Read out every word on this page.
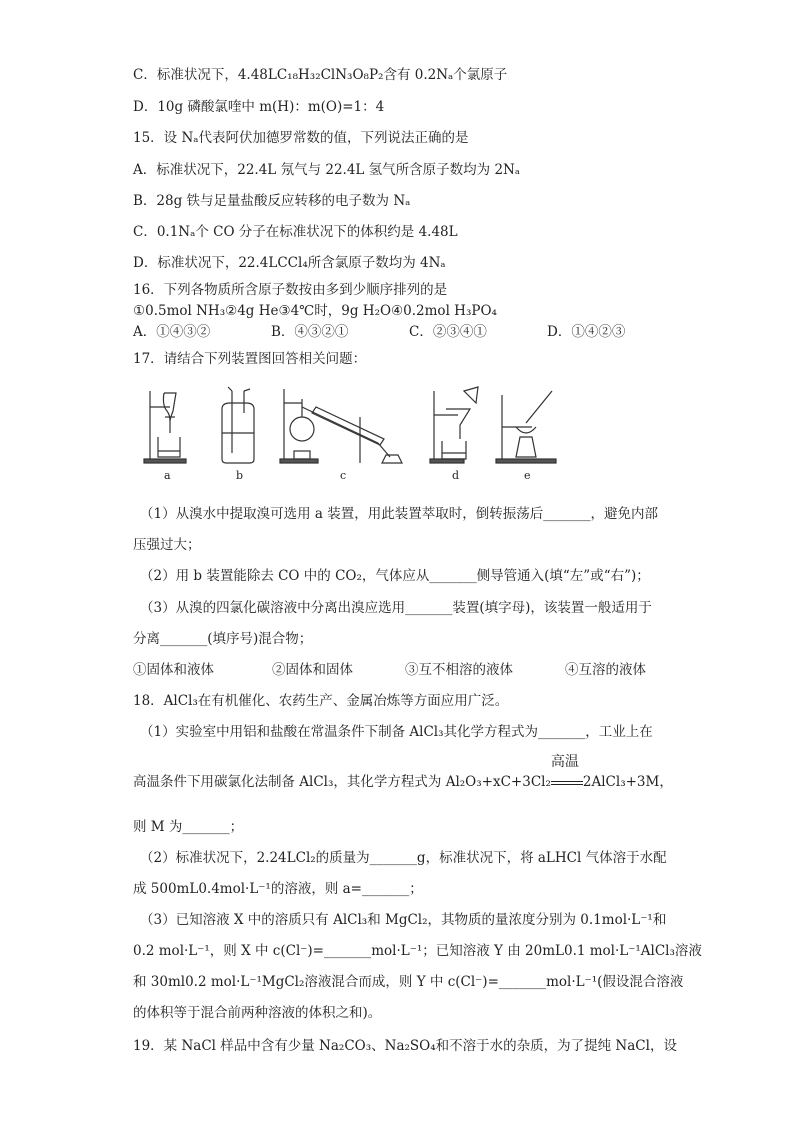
C．标准状况下，4.48LC₁₈H₃₂ClN₃O₈P₂含有 0.2Nₐ个氯原子
D．10g 磷酸氯喹中 m(H)：m(O)=1：4
15．设 Nₐ代表阿伏加德罗常数的值，下列说法正确的是
A．标准状况下，22.4L 氖气与 22.4L 氢气所含原子数均为 2Nₐ
B．28g 铁与足量盐酸反应转移的电子数为 Nₐ
C．0.1Nₐ个 CO 分子在标准状况下的体积约是 4.48L
D．标准状况下，22.4LCCl₄所含氯原子数均为 4Nₐ
16．下列各物质所含原子数按由多到少顺序排列的是
①0.5mol NH₃②4g He③4℃时，9g H₂O④0.2mol H₃PO₄
A．①④③②	B．④③②①	C．②③④①	D．①④②③
17．请结合下列装置图回答相关问题：
a	b	c	d	e
（1）从溴水中提取溴可选用 a 装置，用此装置萃取时，倒转振荡后_______，避免内部
压强过大；
（2）用 b 装置能除去 CO 中的 CO₂，气体应从_______侧导管通入(填“左”或“右”)；
（3）从溴的四氯化碳溶液中分离出溴应选用_______装置(填字母)，该装置一般适用于
分离_______(填序号)混合物；
①固体和液体	②固体和固体	③互不相溶的液体	④互溶的液体
18．AlCl₃在有机催化、农药生产、金属冶炼等方面应用广泛。
（1）实验室中用铝和盐酸在常温条件下制备 AlCl₃其化学方程式为_______，工业上在
高温条件下用碳氯化法制备 AlCl₃，其化学方程式为 Al₂O₃+xC+3Cl₂
高温
2AlCl₃+3M，
则 M 为_______；
（2）标准状况下，2.24LCl₂的质量为_______g，标准状况下，将 aLHCl 气体溶于水配
成 500mL0.4mol·L⁻¹的溶液，则 a=_______；
（3）已知溶液 X 中的溶质只有 AlCl₃和 MgCl₂，其物质的量浓度分别为 0.1mol·L⁻¹和
0.2 mol·L⁻¹，则 X 中 c(Cl⁻)=_______mol·L⁻¹；已知溶液 Y 由 20mL0.1 mol·L⁻¹AlCl₃溶液
和 30ml0.2 mol·L⁻¹MgCl₂溶液混合而成，则 Y 中 c(Cl⁻)=_______mol·L⁻¹(假设混合溶液
的体积等于混合前两种溶液的体积之和)。
19．某 NaCl 样品中含有少量 Na₂CO₃、Na₂SO₄和不溶于水的杂质，为了提纯 NaCl，设
